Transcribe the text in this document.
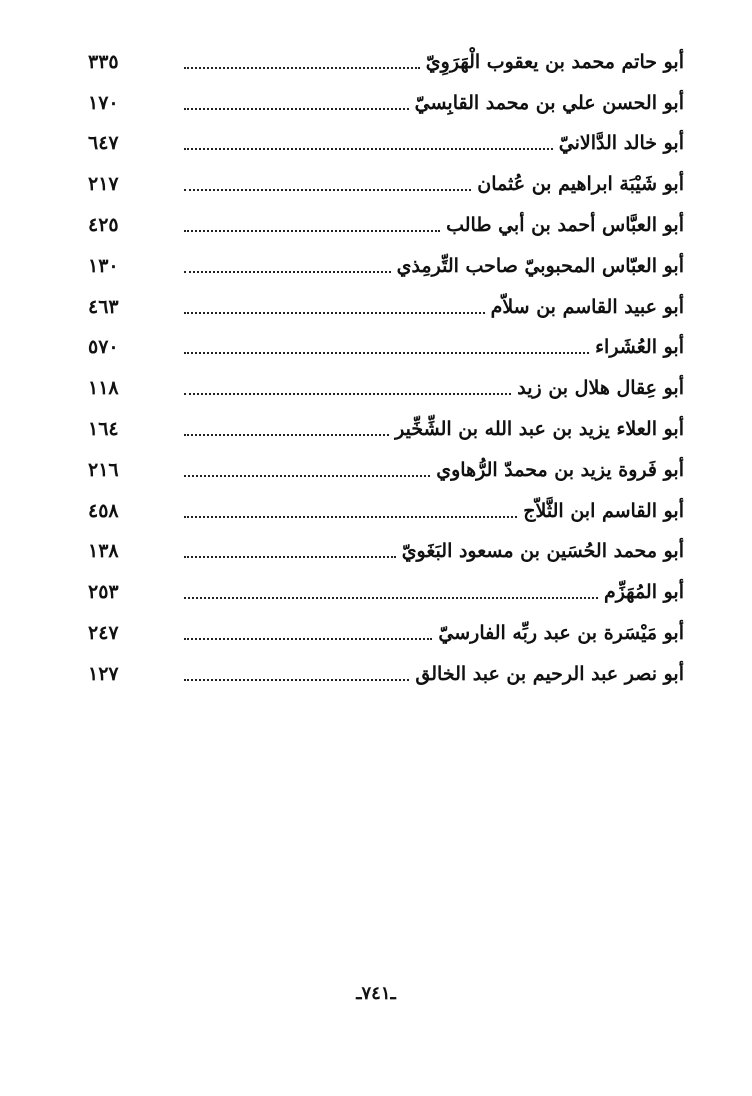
أبو حاتم محمد بن يعقوب الْهَرَوِيّ
٣٣٥
أبو الحسن علي بن محمد القابِسيّ
١٧٠
أبو خالد الدَّالانيّ
٦٤٧
أبو شَيْبَة ابراهيم بن عُثمان
٢١٧
أبو العبَّاس أحمد بن أبي طالب
٤٢٥
أبو العبّاس المحبوبيّ صاحب التِّرمِذي
١٣٠
أبو عبيد القاسم بن سلاّم
٤٦٣
أبو العُشَراء
٥٧٠
أبو عِقال هلال بن زيد
١١٨
أبو العلاء يزيد بن عبد الله بن الشِّخِّير
١٦٤
أبو فَروة يزيد بن محمدّ الرُّهاوي
٢١٦
أبو القاسم ابن الثَّلاّج
٤٥٨
أبو محمد الحُسَين بن مسعود البَغَويّ
١٣٨
أبو المُهَزِّم
٢٥٣
أبو مَيْسَرة بن عبد ربِّه الفارسيّ
٢٤٧
أبو نصر عبد الرحيم بن عبد الخالق
١٢٧
ـ٧٤١ـ
